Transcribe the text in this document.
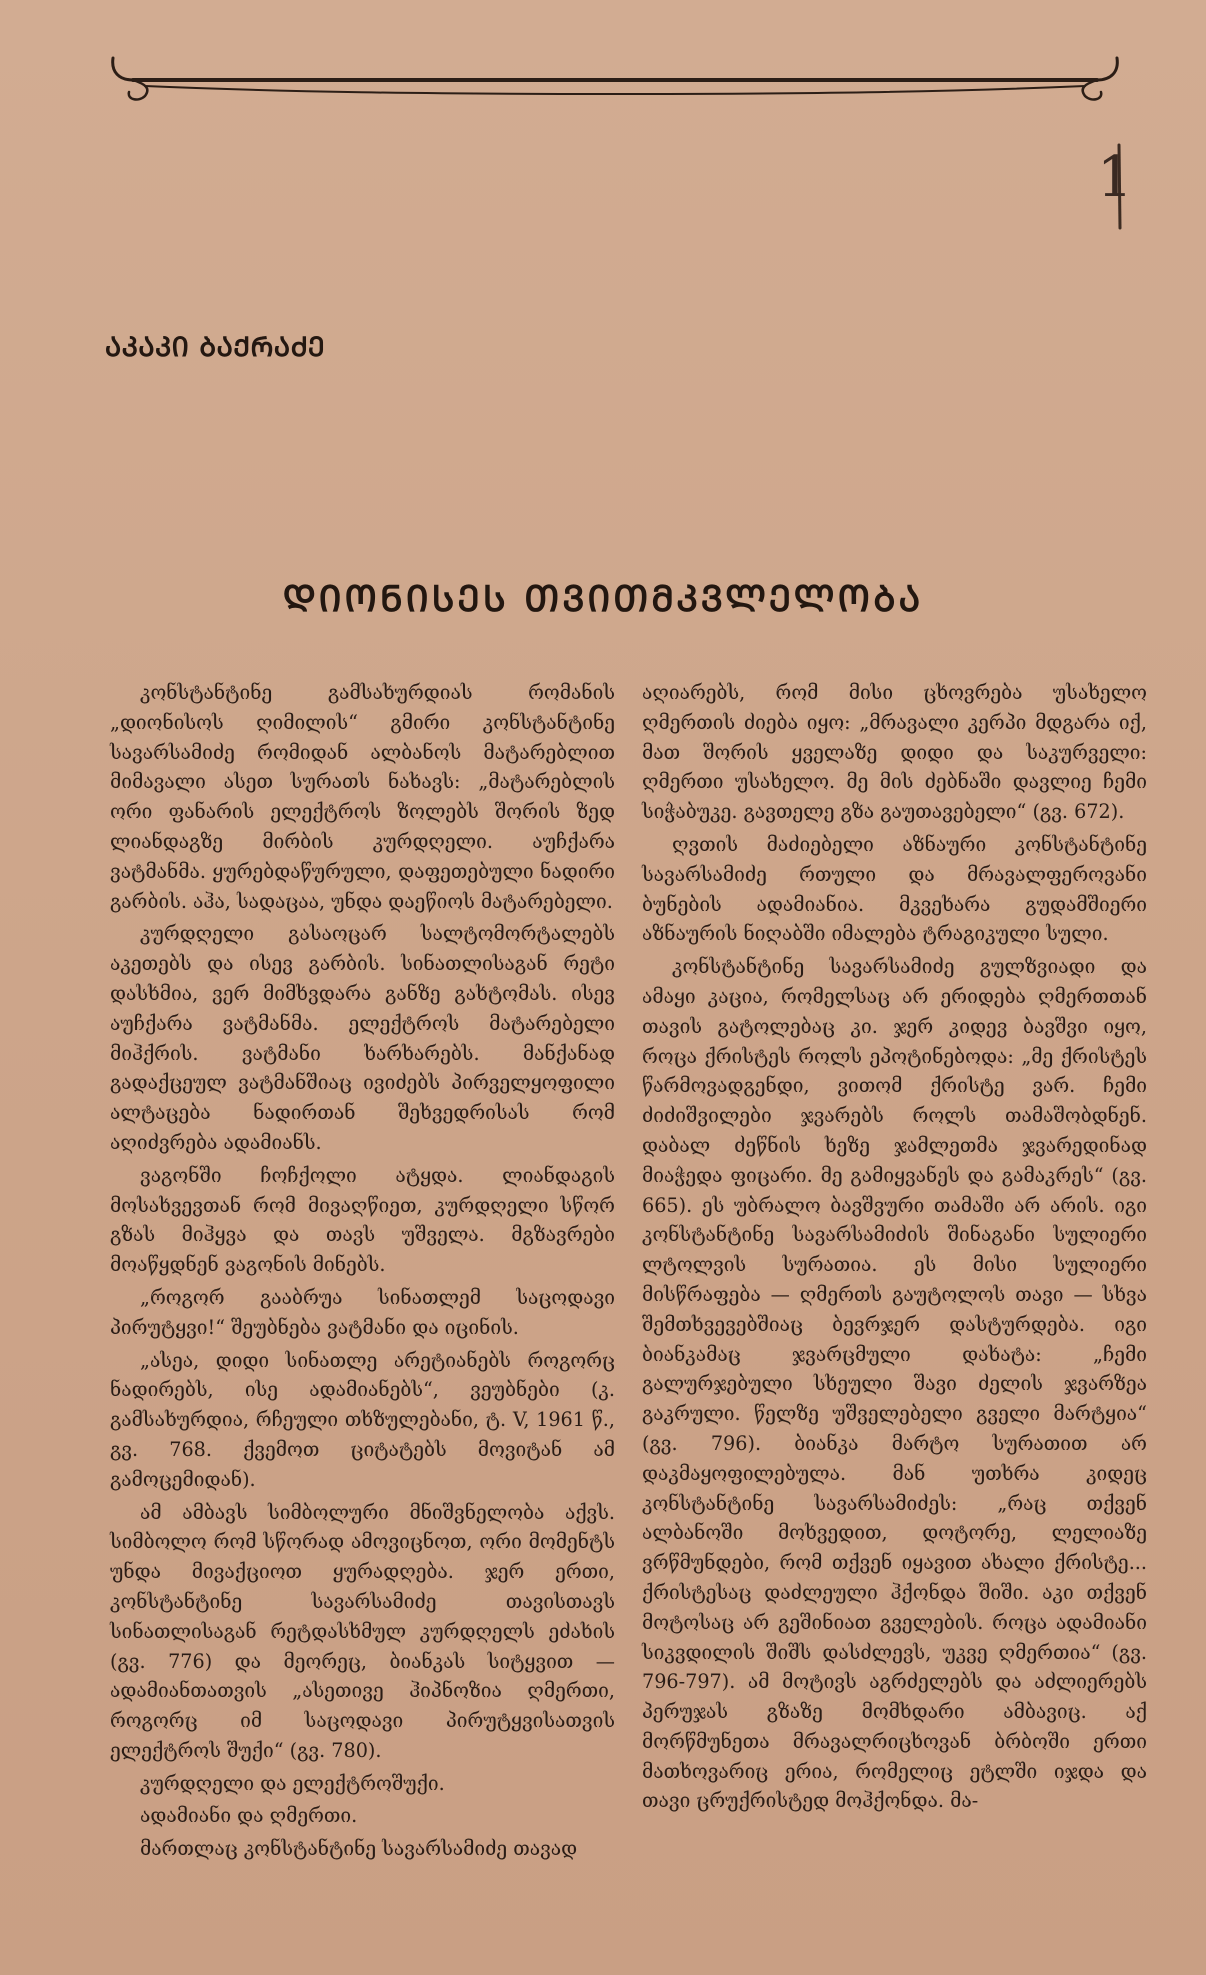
ᲐᲙᲐᲙᲘ ᲑᲐᲥᲠᲐᲫᲔ
ᲓᲘᲝᲜᲘᲡᲔᲡ ᲗᲕᲘᲗᲛᲙᲕᲚᲔᲚᲝᲑᲐ

კონსტანტინე გამსახურდიას რომანის „დიონისოს ღიმილის“ გმირი კონსტანტინე სავარსამიძე რომიდან ალბანოს მატარებლით მიმავალი ასეთ სურათს ნახავს: „მატარებლის ორი ფანარის ელექტროს ზოლებს შორის ზედ ლიანდაგზე მირბის კურდღელი. აუჩქარა ვატმანმა. ყურებდაწურული, დაფეთებული ნადირი გარბის. აჰა, სადაცაა, უნდა დაეწიოს მატარებელი.

კურდღელი გასაოცარ სალტომორტალებს აკეთებს და ისევ გარბის. სინათლისაგან რეტი დასხმია, ვერ მიმხვდარა განზე გახტომას. ისევ აუჩქარა ვატმანმა. ელექტროს მატარებელი მიჰქრის. ვატმანი ხარხარებს. მანქანად გადაქცეულ ვატმანშიაც ივიძებს პირველყოფილი ალტაცება ნადირთან შეხვედრისას რომ აღიძვრება ადამიანს.

ვაგონში ჩოჩქოლი ატყდა. ლიანდაგის მოსახვევთან რომ მივაღწიეთ, კურდღელი სწორ გზას მიჰყვა და თავს უშველა. მგზავრები მოაწყდნენ ვაგონის მინებს.

„როგორ გააბრუა სინათლემ საცოდავი პირუტყვი!“ შეუბნება ვატმანი და იცინის.

„ასეა, დიდი სინათლე არეტიანებს როგორც ნადირებს, ისე ადამიანებს“, ვეუბნები (კ. გამსახურდია, რჩეული თხზულებანი, ტ. V, 1961 წ., გვ. 768. ქვემოთ ციტატებს მოვიტან ამ გამოცემიდან).

ამ ამბავს სიმბოლური მნიშვნელობა აქვს. სიმბოლო რომ სწორად ამოვიცნოთ, ორი მომენტს უნდა მივაქციოთ ყურადღება. ჯერ ერთი, კონსტანტინე სავარსამიძე თავისთავს სინათლისაგან რეტდასხმულ კურდღელს ეძახის (გვ. 776) და მეორეც, ბიანკას სიტყვით — ადამიანთათვის „ასეთივე ჰიპნოზია ღმერთი, როგორც იმ საცოდავი პირუტყვისათვის ელექტროს შუქი“ (გვ. 780).

კურდღელი და ელექტროშუქი.

ადამიანი და ღმერთი.

მართლაც კონსტანტინე სავარსამიძე თავად

აღიარებს, რომ მისი ცხოვრება უსახელო ღმერთის ძიება იყო: „მრავალი კერპი მდგარა იქ, მათ შორის ყველაზე დიდი და საკურველი: ღმერთი უსახელო. მე მის ძებნაში დავლიე ჩემი სიჭაბუკე. გავთელე გზა გაუთავებელი“ (გვ. 672).

ღვთის მაძიებელი აზნაური კონსტანტინე სავარსამიძე რთული და მრავალფეროვანი ბუნების ადამიანია. მკვეხარა გუდამშიერი აზნაურის ნიღაბში იმალება ტრაგიკული სული.

კონსტანტინე სავარსამიძე გულზვიადი და ამაყი კაცია, რომელსაც არ ერიდება ღმერთთან თავის გატოლებაც კი. ჯერ კიდევ ბავშვი იყო, როცა ქრისტეს როლს ეპოტინებოდა: „მე ქრისტეს წარმოვადგენდი, ვითომ ქრისტე ვარ. ჩემი ძიძიშვილები ჯვარებს როლს თამაშობდნენ. დაბალ ძეწნის ხეზე ჯამლეთმა ჯვარედინად მიაჭედა ფიცარი. მე გამიყვანეს და გამაკრეს“ (გვ. 665). ეს უბრალო ბავშვური თამაში არ არის. იგი კონსტანტინე სავარსამიძის შინაგანი სულიერი ლტოლვის სურათია. ეს მისი სულიერი მისწრაფება — ღმერთს გაუტოლოს თავი — სხვა შემთხვევებშიაც ბევრჯერ დასტურდება. იგი ბიანკამაც ჯვარცმული დახატა: „ჩემი გალურჯებული სხეული შავი ძელის ჯვარზეა გაკრული. წელზე უშველებელი გველი მარტყია“ (გვ. 796). ბიანკა მარტო სურათით არ დაკმაყოფილებულა. მან უთხრა კიდეც კონსტანტინე სავარსამიძეს: „რაც თქვენ ალბანოში მოხვედით, დოტორე, ლელიაზე ვრწმუნდები, რომ თქვენ იყავით ახალი ქრისტე... ქრისტესაც დაძლეული ჰქონდა შიში. აკი თქვენ მოტოსაც არ გეშინიათ გველების. როცა ადამიანი სიკვდილის შიშს დასძლევს, უკვე ღმერთია“ (გვ. 796-797). ამ მოტივს აგრძელებს და აძლიერებს პერუჯას გზაზე მომხდარი ამბავიც. აქ მორწმუნეთა მრავალრიცხოვან ბრბოში ერთი მათხოვარიც ერია, რომელიც ეტლში იჯდა და თავი ცრუქრისტედ მოჰქონდა. მა-

1
